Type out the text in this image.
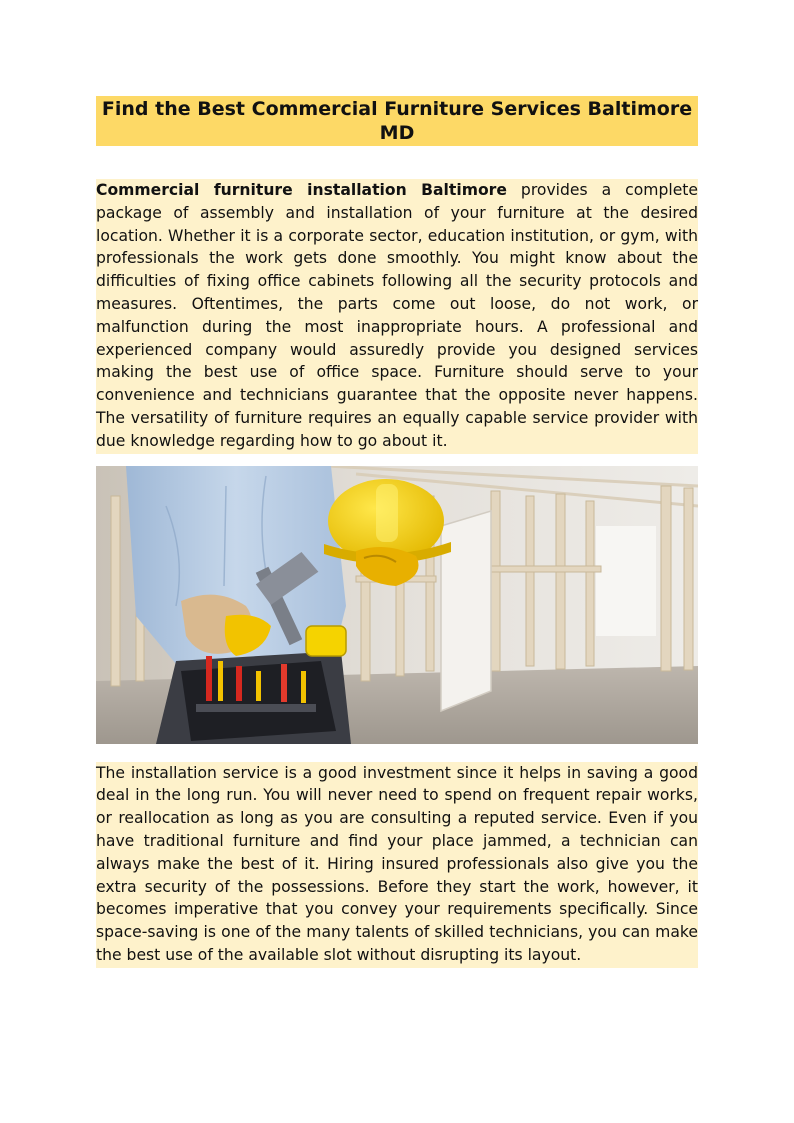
Find the Best Commercial Furniture Services Baltimore MD

Commercial furniture installation Baltimore provides a complete package of assembly and installation of your furniture at the desired location. Whether it is a corporate sector, education institution, or gym, with professionals the work gets done smoothly. You might know about the difficulties of fixing office cabinets following all the security protocols and measures. Oftentimes, the parts come out loose, do not work, or malfunction during the most inappropriate hours. A professional and experienced company would assuredly provide you designed services making the best use of office space. Furniture should serve to your convenience and technicians guarantee that the opposite never happens. The versatility of furniture requires an equally capable service provider with due knowledge regarding how to go about it.

The installation service is a good investment since it helps in saving a good deal in the long run. You will never need to spend on frequent repair works, or reallocation as long as you are consulting a reputed service. Even if you have traditional furniture and find your place jammed, a technician can always make the best of it. Hiring insured professionals also give you the extra security of the possessions. Before they start the work, however, it becomes imperative that you convey your requirements specifically. Since space-saving is one of the many talents of skilled technicians, you can make the best use of the available slot without disrupting its layout.
